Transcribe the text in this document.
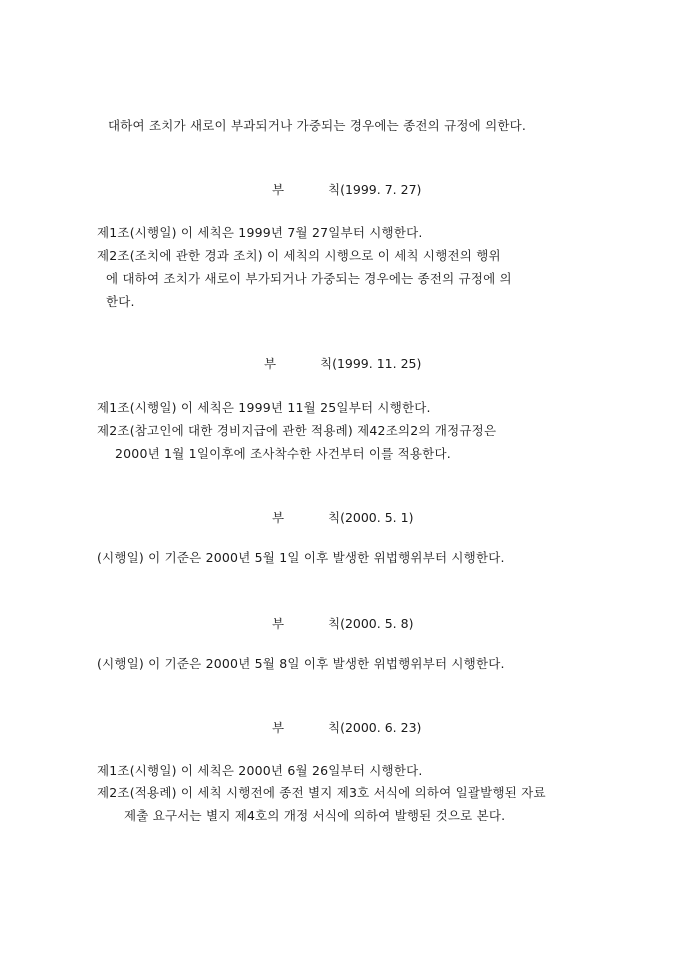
대하여 조치가 새로이 부과되거나 가중되는 경우에는 종전의 규정에 의한다.
부	칙(1999. 7. 27)
제1조(시행일) 이 세칙은 1999년 7월 27일부터 시행한다.
제2조(조치에 관한 경과 조치) 이 세칙의 시행으로 이 세칙 시행전의 행위
에 대하여 조치가 새로이 부가되거나 가중되는 경우에는 종전의 규정에 의
한다.
부	칙(1999. 11. 25)
제1조(시행일) 이 세칙은 1999년 11월 25일부터 시행한다.
제2조(참고인에 대한 경비지급에 관한 적용례) 제42조의2의 개정규정은
2000년 1월 1일이후에 조사착수한 사건부터 이를 적용한다.
부	칙(2000. 5. 1)
(시행일) 이 기준은 2000년 5월 1일 이후 발생한 위법행위부터 시행한다.
부	칙(2000. 5. 8)
(시행일) 이 기준은 2000년 5월 8일 이후 발생한 위법행위부터 시행한다.
부	칙(2000. 6. 23)
제1조(시행일) 이 세칙은 2000년 6월 26일부터 시행한다.
제2조(적용례) 이 세칙 시행전에 종전 별지 제3호 서식에 의하여 일괄발행된 자료
제출 요구서는 별지 제4호의 개정 서식에 의하여 발행된 것으로 본다.
